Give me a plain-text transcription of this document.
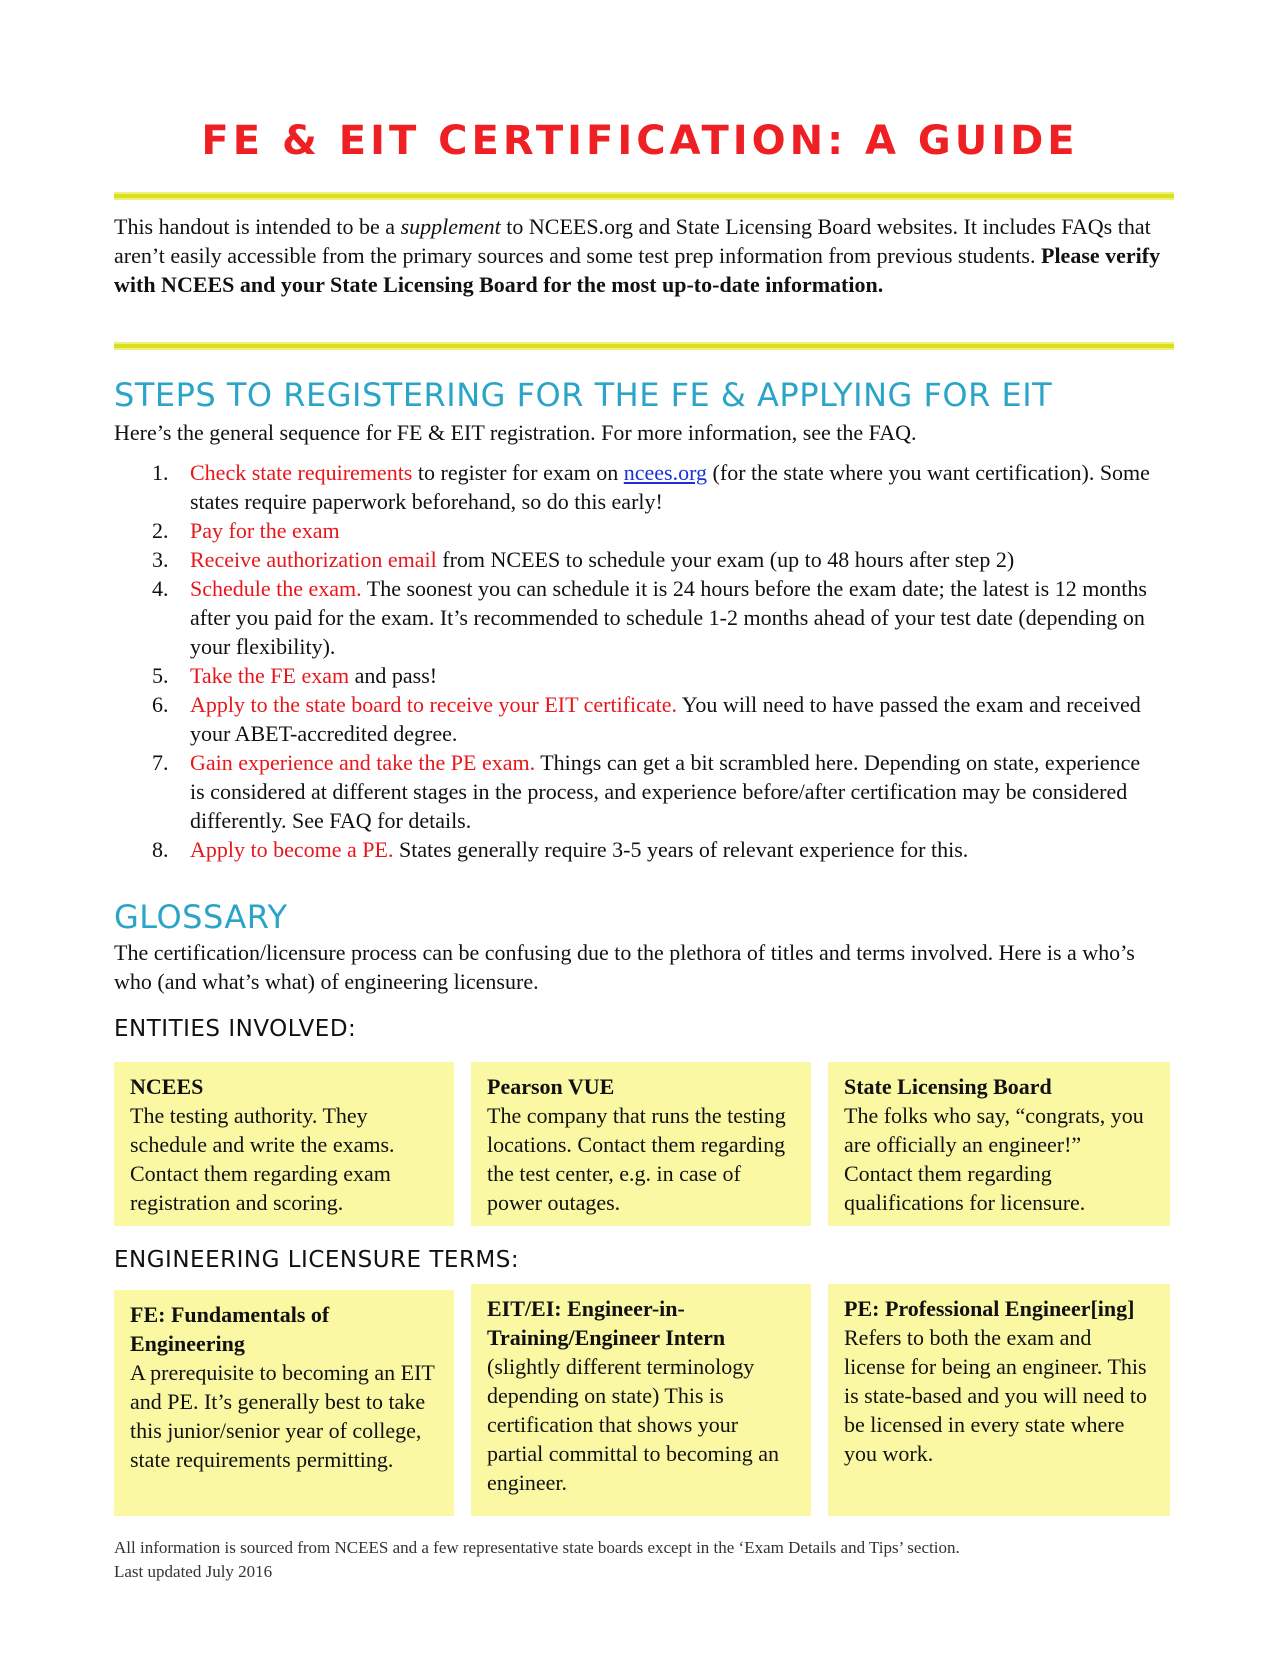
FE & EIT CERTIFICATION: A GUIDE

This handout is intended to be a supplement to NCEES.org and State Licensing Board websites. It includes FAQs that aren’t easily accessible from the primary sources and some test prep information from previous students. Please verify with NCEES and your State Licensing Board for the most up-to-date information.

STEPS TO REGISTERING FOR THE FE & APPLYING FOR EIT

Here’s the general sequence for FE & EIT registration. For more information, see the FAQ.

1. Check state requirements to register for exam on ncees.org (for the state where you want certification). Some states require paperwork beforehand, so do this early!
2. Pay for the exam
3. Receive authorization email from NCEES to schedule your exam (up to 48 hours after step 2)
4. Schedule the exam. The soonest you can schedule it is 24 hours before the exam date; the latest is 12 months after you paid for the exam. It’s recommended to schedule 1-2 months ahead of your test date (depending on your flexibility).
5. Take the FE exam and pass!
6. Apply to the state board to receive your EIT certificate. You will need to have passed the exam and received your ABET-accredited degree.
7. Gain experience and take the PE exam. Things can get a bit scrambled here. Depending on state, experience is considered at different stages in the process, and experience before/after certification may be considered differently. See FAQ for details.
8. Apply to become a PE. States generally require 3-5 years of relevant experience for this.
GLOSSARY

The certification/licensure process can be confusing due to the plethora of titles and terms involved. Here is a who’s who (and what’s what) of engineering licensure.

ENTITIES INVOLVED:
NCEES
The testing authority. They schedule and write the exams. Contact them regarding exam registration and scoring.
Pearson VUE
The company that runs the testing locations. Contact them regarding the test center, e.g. in case of power outages.
State Licensing Board
The folks who say, “congrats, you are officially an engineer!” Contact them regarding qualifications for licensure.
ENGINEERING LICENSURE TERMS:
FE: Fundamentals of Engineering
A prerequisite to becoming an EIT and PE. It’s generally best to take this junior/senior year of college, state requirements permitting.
EIT/EI: Engineer-in-Training/Engineer Intern
(slightly different terminology depending on state) This is certification that shows your partial committal to becoming an engineer.
PE: Professional Engineer[ing]
Refers to both the exam and license for being an engineer. This is state-based and you will need to be licensed in every state where you work.

All information is sourced from NCEES and a few representative state boards except in the ‘Exam Details and Tips’ section.
Last updated July 2016
